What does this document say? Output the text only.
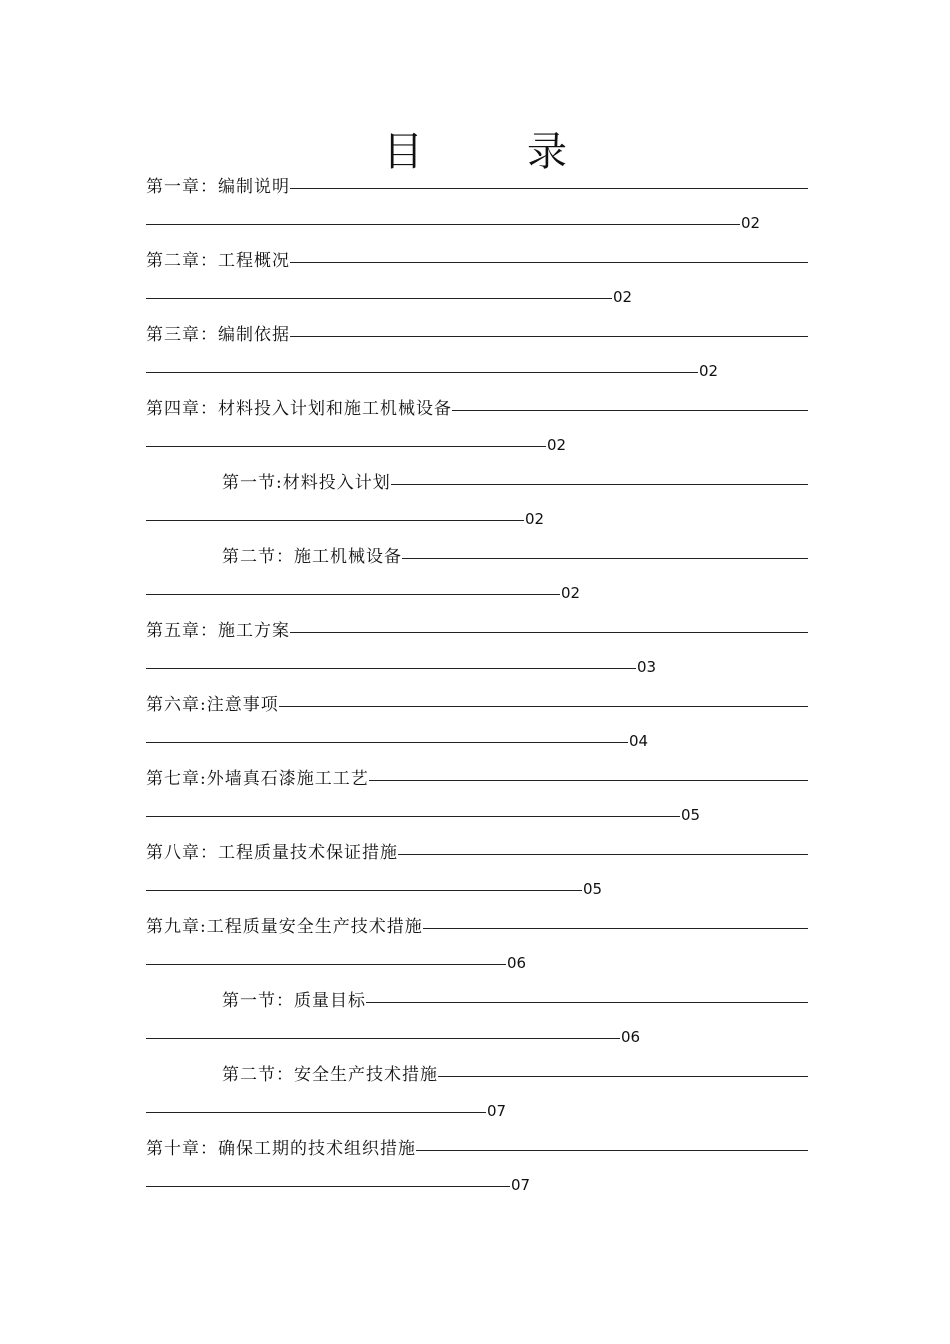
目	录
第一章：编制说明
02
第二章：工程概况
02
第三章：编制依据
02
第四章：材料投入计划和施工机械设备
02
第一节:材料投入计划
02
第二节：施工机械设备
02
第五章：施工方案
03
第六章:注意事项
04
第七章:外墙真石漆施工工艺
05
第八章：工程质量技术保证措施
05
第九章:工程质量安全生产技术措施
06
第一节：质量目标
06
第二节：安全生产技术措施
07
第十章：确保工期的技术组织措施
07
